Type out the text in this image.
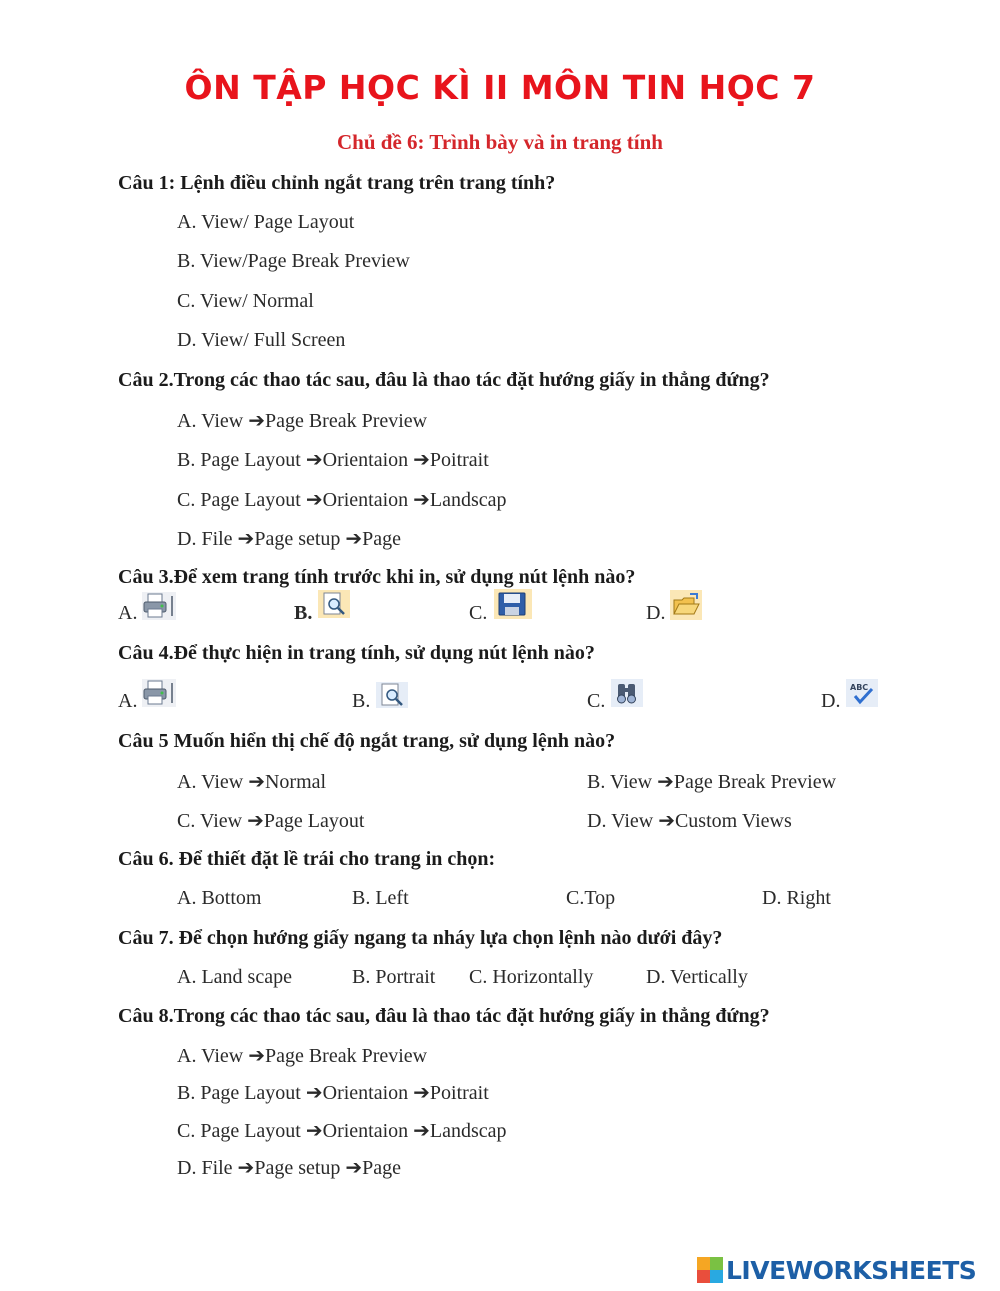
ÔN TẬP HỌC KÌ II MÔN TIN HỌC 7
Chủ đề 6: Trình bày và in trang tính
Câu 1: Lệnh điều chỉnh ngắt trang trên trang tính?
A. View/ Page Layout
B. View/Page Break Preview
C. View/ Normal
D. View/ Full Screen
Câu 2.Trong các thao tác sau, đâu là thao tác đặt hướng giấy in thẳng đứng?
A. View ➔Page Break Preview
B. Page Layout ➔Orientaion ➔Poitrait
C. Page Layout ➔Orientaion ➔Landscap
D. File ➔Page setup ➔Page
Câu 3.Để xem trang tính trước khi in, sử dụng nút lệnh nào?
A.	B.	C.	D.
Câu 4.Để thực hiện in trang tính, sử dụng nút lệnh nào?
A.	B.	C.	D.
ABC
Câu 5 Muốn hiển thị chế độ ngắt trang, sử dụng lệnh nào?
A. View ➔Normal	B. View ➔Page Break Preview
C. View ➔Page Layout	D. View ➔Custom Views
Câu 6. Để thiết đặt lề trái cho trang in chọn:
A. Bottom	B. Left	C.Top	D. Right
Câu 7. Để chọn hướng giấy ngang ta nháy lựa chọn lệnh nào dưới đây?
A. Land scape	B. Portrait C. Horizontally	D. Vertically
Câu 8.Trong các thao tác sau, đâu là thao tác đặt hướng giấy in thẳng đứng?
A. View ➔Page Break Preview
B. Page Layout ➔Orientaion ➔Poitrait
C. Page Layout ➔Orientaion ➔Landscap
D. File ➔Page setup ➔Page
LIVEWORKSHEETS
